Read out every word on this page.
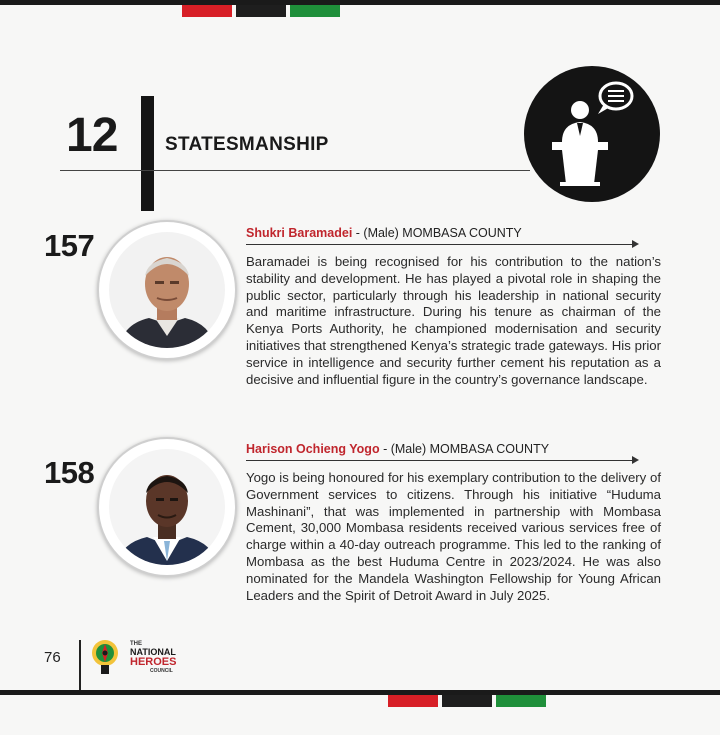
12	STATESMANSHIP
157	Shukri Baramadei - (Male) MOMBASA COUNTY
Baramadei is being recognised for his contribution to the nation’s stability and development. He has played a pivotal role in shaping the public sector, particularly through his leadership in national security and maritime infrastructure. During his tenure as chairman of the Kenya Ports Authority, he championed modernisation and security initiatives that strengthened Kenya’s strategic trade gateways. His prior service in intelligence and security further cement his reputation as a decisive and influential figure in the country’s governance landscape.
158
Harison Ochieng Yogo - (Male) MOMBASA COUNTY
Yogo is being honoured for his exemplary contribution to the delivery of Government services to citizens. Through his initiative “Huduma Mashinani”, that was implemented in partnership with Mombasa Cement, 30,000 Mombasa residents received various services free of charge within a 40-day outreach programme. This led to the ranking of Mombasa as the best Huduma Centre in 2023/2024. He was also nominated for the Mandela Washington Fellowship for Young African Leaders and the Spirit of Detroit Award in July 2025.
76
THE
NATIONAL
HEROES
COUNCIL
